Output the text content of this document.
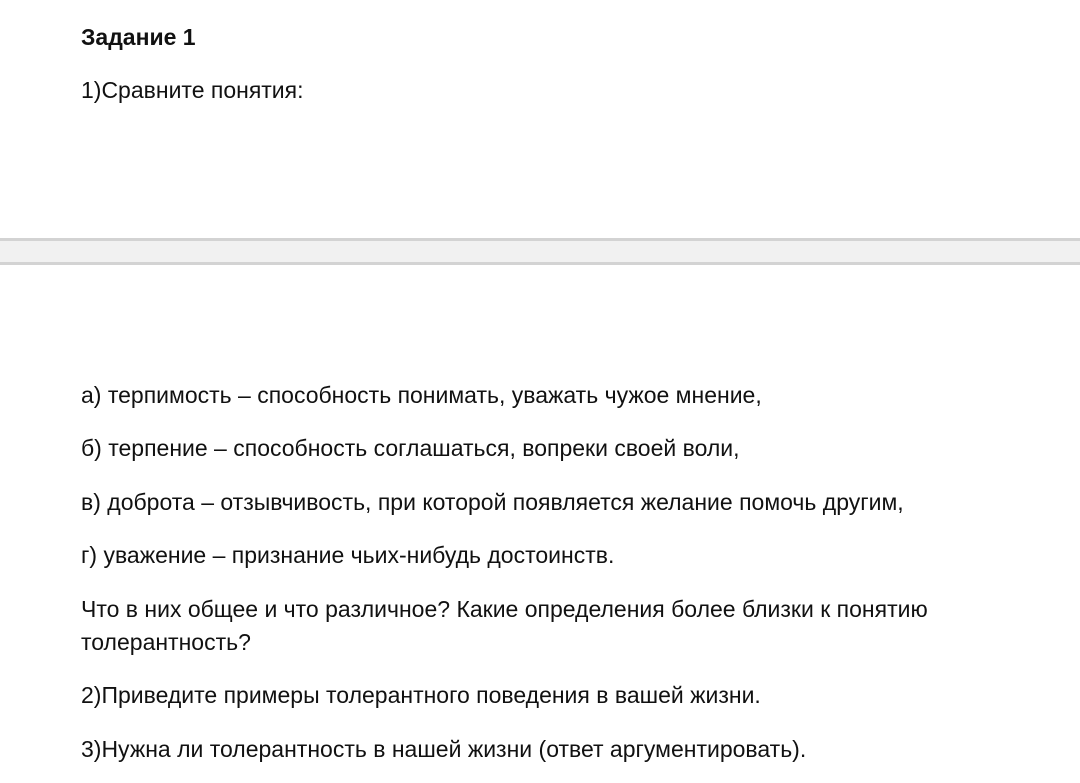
Задание 1

1)Сравните понятия:

а) терпимость – способность понимать, уважать чужое мнение,

б) терпение – способность соглашаться, вопреки своей воли,

в) доброта – отзывчивость, при которой появляется желание помочь другим,

г) уважение – признание чьих-нибудь достоинств.

Что в них общее и что различное? Какие определения более близки к понятию толерантность?

2)Приведите примеры толерантного поведения в вашей жизни.

3)Нужна ли толерантность в нашей жизни (ответ аргументировать).
